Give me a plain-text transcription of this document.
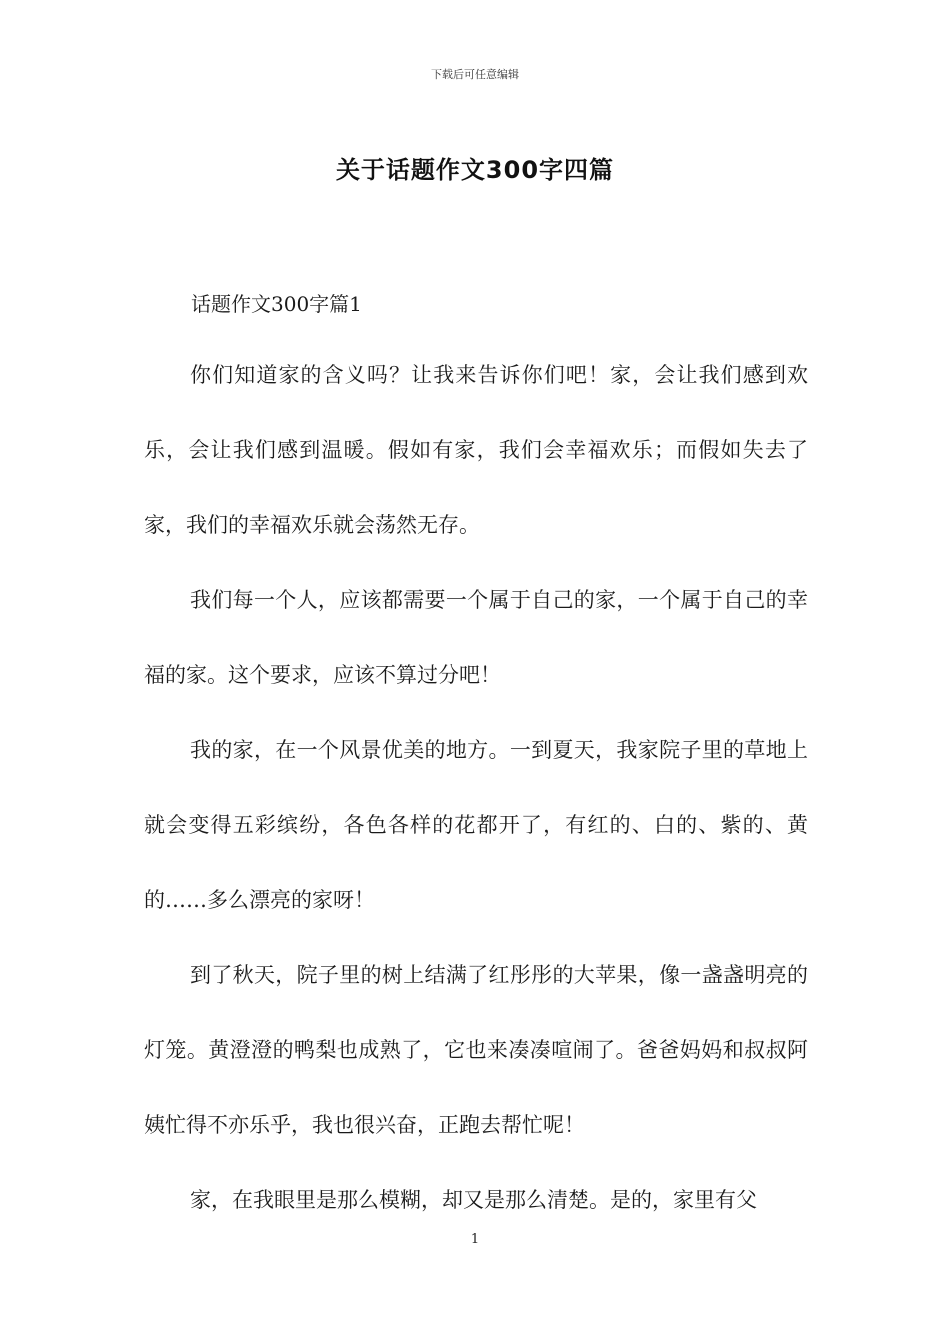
下载后可任意编辑
关于话题作文300字四篇
话题作文300字篇1

你们知道家的含义吗？让我来告诉你们吧！家，会让我们感到欢乐，会让我们感到温暖。假如有家，我们会幸福欢乐；而假如失去了家，我们的幸福欢乐就会荡然无存。

我们每一个人，应该都需要一个属于自己的家，一个属于自己的幸福的家。这个要求，应该不算过分吧！

我的家，在一个风景优美的地方。一到夏天，我家院子里的草地上就会变得五彩缤纷，各色各样的花都开了，有红的、白的、紫的、黄的……多么漂亮的家呀！

到了秋天，院子里的树上结满了红彤彤的大苹果，像一盏盏明亮的灯笼。黄澄澄的鸭梨也成熟了，它也来凑凑喧闹了。爸爸妈妈和叔叔阿姨忙得不亦乐乎，我也很兴奋，正跑去帮忙呢！

家，在我眼里是那么模糊，却又是那么清楚。是的，家里有父

1
